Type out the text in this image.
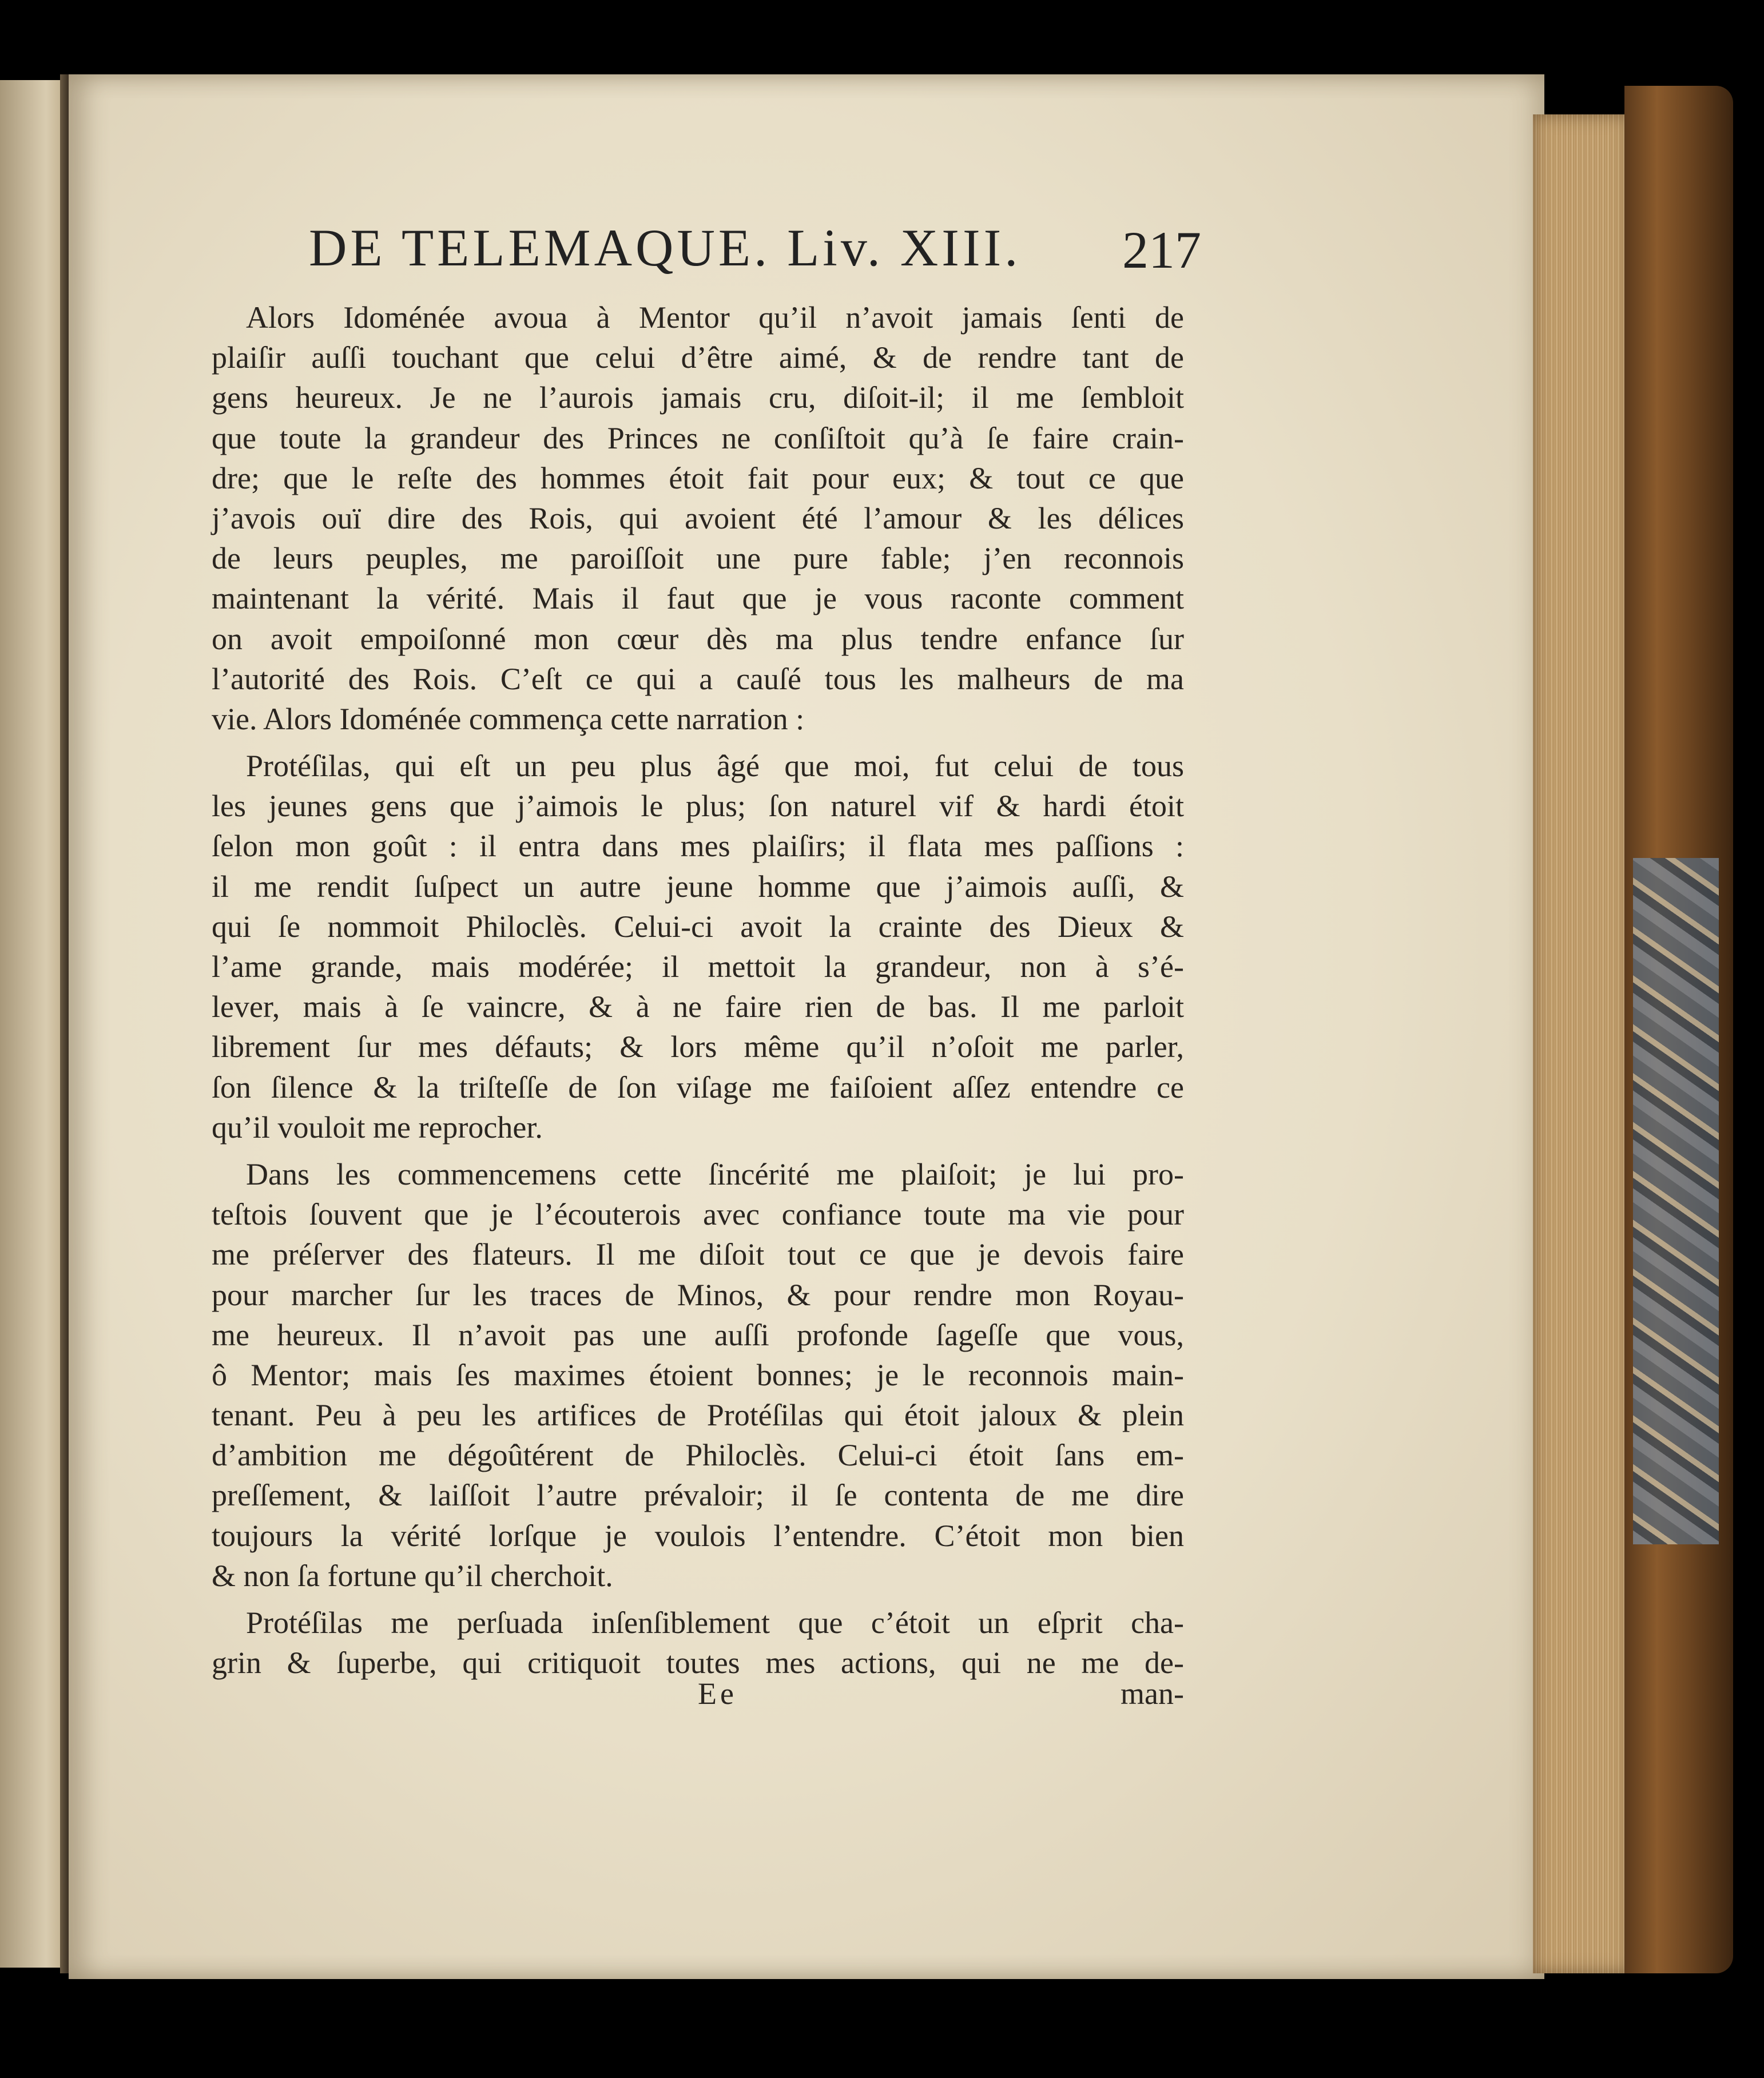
DE TELEMAQUE. Liv. XIII. 217
Alors Idoménée avoua à Mentor qu’il n’avoit jamais ſenti de
plaiſir auſſi touchant que celui d’être aimé, & de rendre tant de
gens heureux. Je ne l’aurois jamais cru, diſoit-il; il me ſembloit
que toute la grandeur des Princes ne conſiſtoit qu’à ſe faire crain-
dre; que le reſte des hommes étoit fait pour eux; & tout ce que
j’avois ouï dire des Rois, qui avoient été l’amour & les délices
de leurs peuples, me paroiſſoit une pure fable; j’en reconnois
maintenant la vérité. Mais il faut que je vous raconte comment
on avoit empoiſonné mon cœur dès ma plus tendre enfance ſur
l’autorité des Rois. C’eſt ce qui a cauſé tous les malheurs de ma
vie. Alors Idoménée commença cette narration :
Protéſilas, qui eſt un peu plus âgé que moi, fut celui de tous
les jeunes gens que j’aimois le plus; ſon naturel vif & hardi étoit
ſelon mon goût : il entra dans mes plaiſirs; il flata mes paſſions :
il me rendit ſuſpect un autre jeune homme que j’aimois auſſi, &
qui ſe nommoit Philoclès. Celui-ci avoit la crainte des Dieux &
l’ame grande, mais modérée; il mettoit la grandeur, non à s’é-
lever, mais à ſe vaincre, & à ne faire rien de bas. Il me parloit
librement ſur mes défauts; & lors même qu’il n’oſoit me parler,
ſon ſilence & la triſteſſe de ſon viſage me faiſoient aſſez entendre ce
qu’il vouloit me reprocher.
Dans les commencemens cette ſincérité me plaiſoit; je lui pro-
teſtois ſouvent que je l’écouterois avec confiance toute ma vie pour
me préſerver des flateurs. Il me diſoit tout ce que je devois faire
pour marcher ſur les traces de Minos, & pour rendre mon Royau-
me heureux. Il n’avoit pas une auſſi profonde ſageſſe que vous,
ô Mentor; mais ſes maximes étoient bonnes; je le reconnois main-
tenant. Peu à peu les artifices de Protéſilas qui étoit jaloux & plein
d’ambition me dégoûtérent de Philoclès. Celui-ci étoit ſans em-
preſſement, & laiſſoit l’autre prévaloir; il ſe contenta de me dire
toujours la vérité lorſque je voulois l’entendre. C’étoit mon bien
& non ſa fortune qu’il cherchoit.
Protéſilas me perſuada inſenſiblement que c’étoit un eſprit cha-
grin & ſuperbe, qui critiquoit toutes mes actions, qui ne me de-
Ee	man-
